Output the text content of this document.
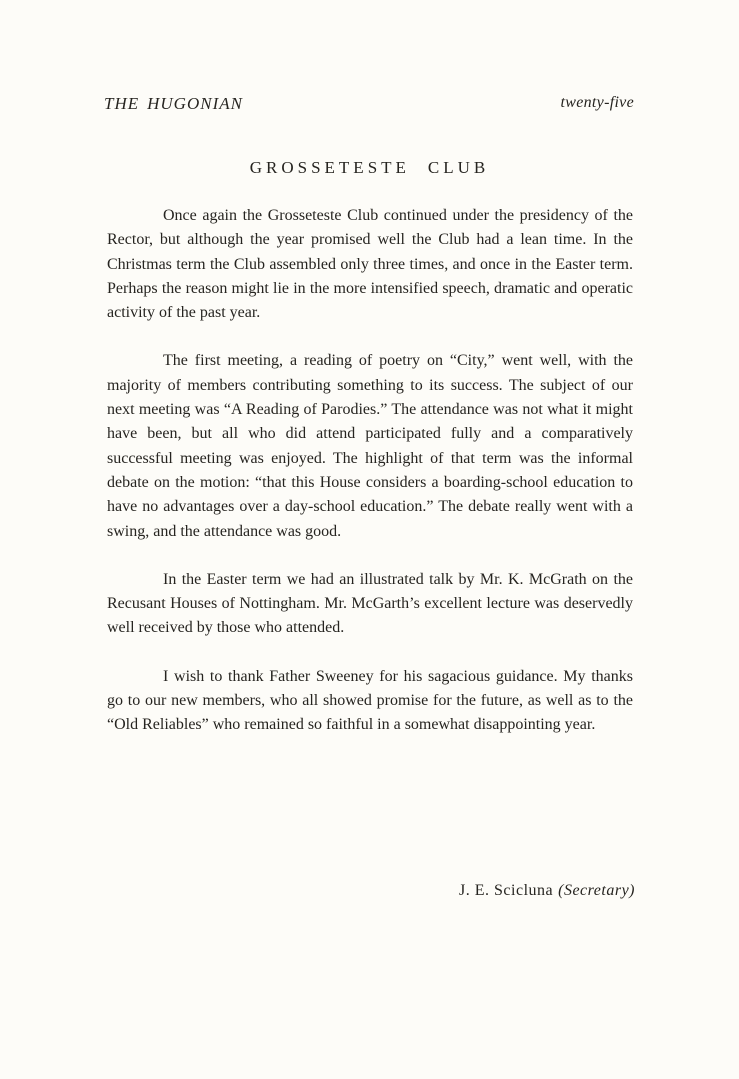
THE HUGONIAN	twenty-five
GROSSETESTE CLUB

Once again the Grosseteste Club continued under the presidency of the Rector, but although the year promised well the Club had a lean time. In the Christmas term the Club assembled only three times, and once in the Easter term. Perhaps the reason might lie in the more intensified speech, dramatic and operatic activity of the past year.

The first meeting, a reading of poetry on “City,” went well, with the majority of members contributing something to its success. The subject of our next meeting was “A Reading of Parodies.” The attendance was not what it might have been, but all who did attend participated fully and a comparatively successful meeting was enjoyed. The highlight of that term was the informal debate on the motion: “that this House considers a boarding-school education to have no advantages over a day-school education.” The debate really went with a swing, and the attendance was good.

In the Easter term we had an illustrated talk by Mr. K. McGrath on the Recusant Houses of Nottingham. Mr. McGarth’s excellent lecture was deservedly well received by those who attended.

I wish to thank Father Sweeney for his sagacious guidance. My thanks go to our new members, who all showed promise for the future, as well as to the “Old Reliables” who remained so faithful in a somewhat disappointing year.

J. E. Scicluna (Secretary)
